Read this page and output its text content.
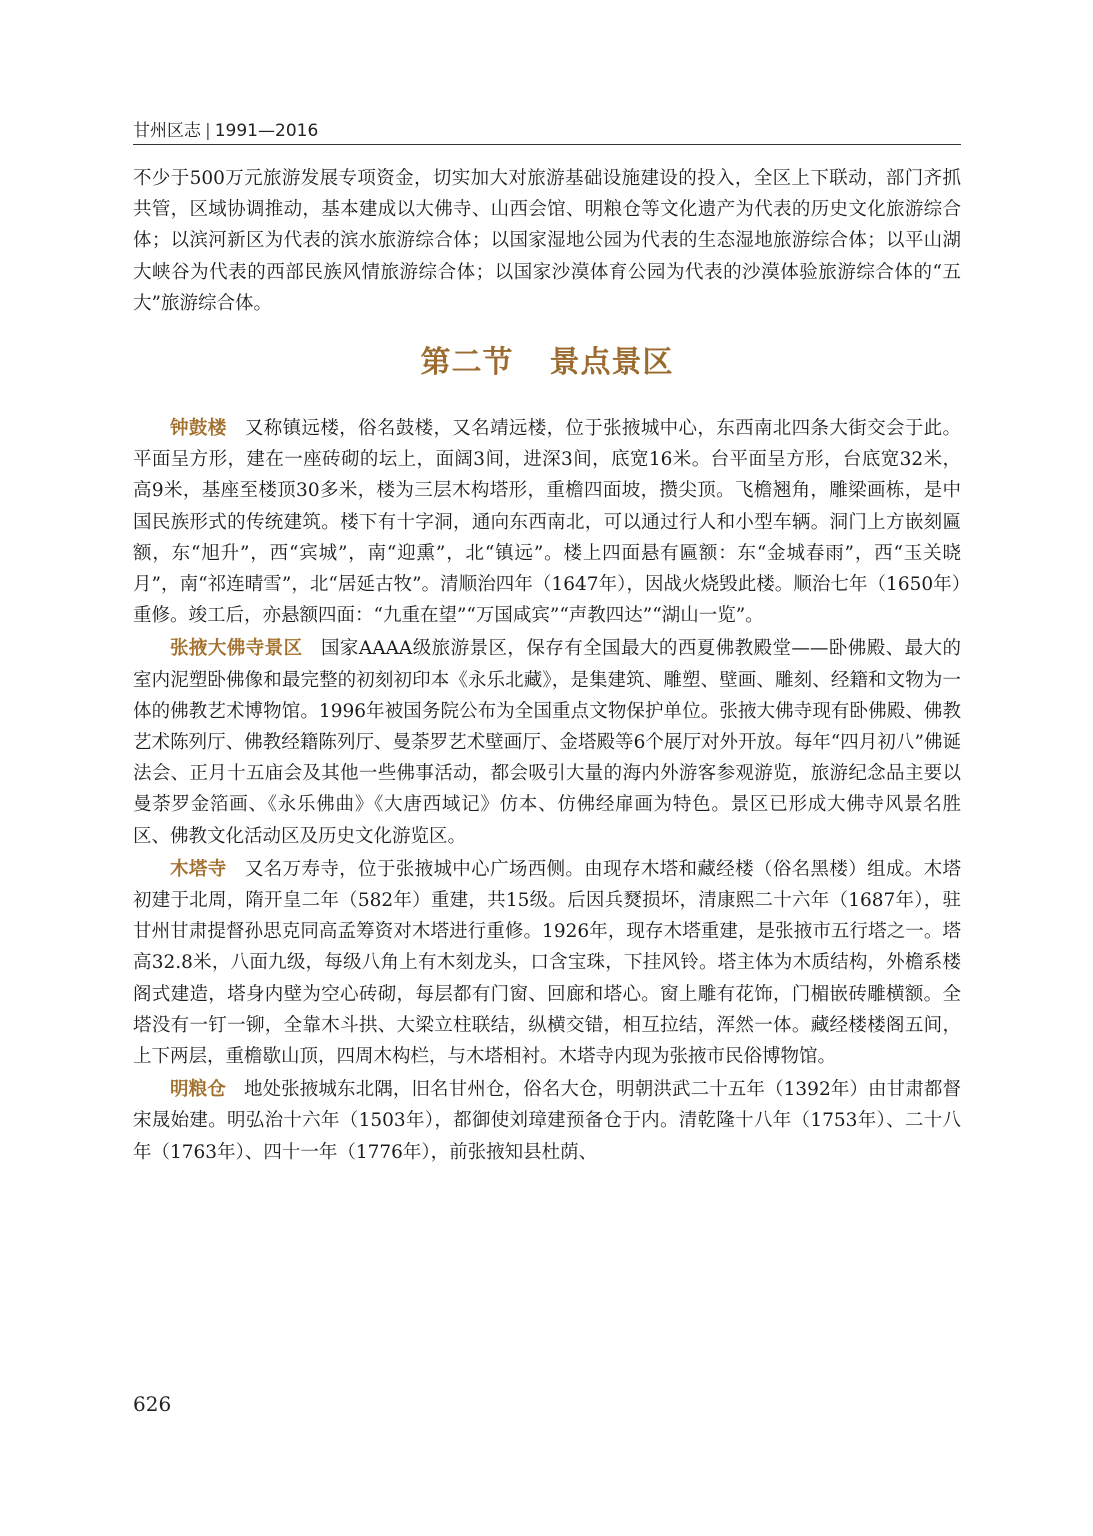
甘州区志 | 1991—2016

不少于500万元旅游发展专项资金，切实加大对旅游基础设施建设的投入，全区上下联动，部门齐抓共管，区域协调推动，基本建成以大佛寺、山西会馆、明粮仓等文化遗产为代表的历史文化旅游综合体；以滨河新区为代表的滨水旅游综合体；以国家湿地公园为代表的生态湿地旅游综合体；以平山湖大峡谷为代表的西部民族风情旅游综合体；以国家沙漠体育公园为代表的沙漠体验旅游综合体的“五大”旅游综合体。

第二节 景点景区

钟鼓楼 又称镇远楼，俗名鼓楼，又名靖远楼，位于张掖城中心，东西南北四条大街交会于此。平面呈方形，建在一座砖砌的坛上，面阔3间，进深3间，底宽16米。台平面呈方形，台底宽32米，高9米，基座至楼顶30多米，楼为三层木构塔形，重檐四面坡，攒尖顶。飞檐翘角，雕梁画栋，是中国民族形式的传统建筑。楼下有十字洞，通向东西南北，可以通过行人和小型车辆。洞门上方嵌刻匾额，东“旭升”，西“宾城”，南“迎熏”，北“镇远”。楼上四面悬有匾额：东“金城春雨”，西“玉关晓月”，南“祁连晴雪”，北“居延古牧”。清顺治四年（1647年），因战火烧毁此楼。顺治七年（1650年）重修。竣工后，亦悬额四面：“九重在望”“万国咸宾”“声教四达”“湖山一览”。

张掖大佛寺景区 国家AAAA级旅游景区，保存有全国最大的西夏佛教殿堂——卧佛殿、最大的室内泥塑卧佛像和最完整的初刻初印本《永乐北藏》，是集建筑、雕塑、壁画、雕刻、经籍和文物为一体的佛教艺术博物馆。1996年被国务院公布为全国重点文物保护单位。张掖大佛寺现有卧佛殿、佛教艺术陈列厅、佛教经籍陈列厅、曼荼罗艺术壁画厅、金塔殿等6个展厅对外开放。每年“四月初八”佛诞法会、正月十五庙会及其他一些佛事活动，都会吸引大量的海内外游客参观游览，旅游纪念品主要以曼荼罗金箔画、《永乐佛曲》《大唐西域记》仿本、仿佛经扉画为特色。景区已形成大佛寺风景名胜区、佛教文化活动区及历史文化游览区。

木塔寺 又名万寿寺，位于张掖城中心广场西侧。由现存木塔和藏经楼（俗名黑楼）组成。木塔初建于北周，隋开皇二年（582年）重建，共15级。后因兵燹损坏，清康熙二十六年（1687年），驻甘州甘肃提督孙思克同高孟筹资对木塔进行重修。1926年，现存木塔重建，是张掖市五行塔之一。塔高32.8米，八面九级，每级八角上有木刻龙头，口含宝珠，下挂风铃。塔主体为木质结构，外檐系楼阁式建造，塔身内壁为空心砖砌，每层都有门窗、回廊和塔心。窗上雕有花饰，门楣嵌砖雕横额。全塔没有一钉一铆，全靠木斗拱、大梁立柱联结，纵横交错，相互拉结，浑然一体。藏经楼楼阁五间，上下两层，重檐歇山顶，四周木构栏，与木塔相衬。木塔寺内现为张掖市民俗博物馆。

明粮仓 地处张掖城东北隅，旧名甘州仓，俗名大仓，明朝洪武二十五年（1392年）由甘肃都督宋晟始建。明弘治十六年（1503年），都御使刘璋建预备仓于内。清乾隆十八年（1753年）、二十八年（1763年）、四十一年（1776年），前张掖知县杜荫、

626
